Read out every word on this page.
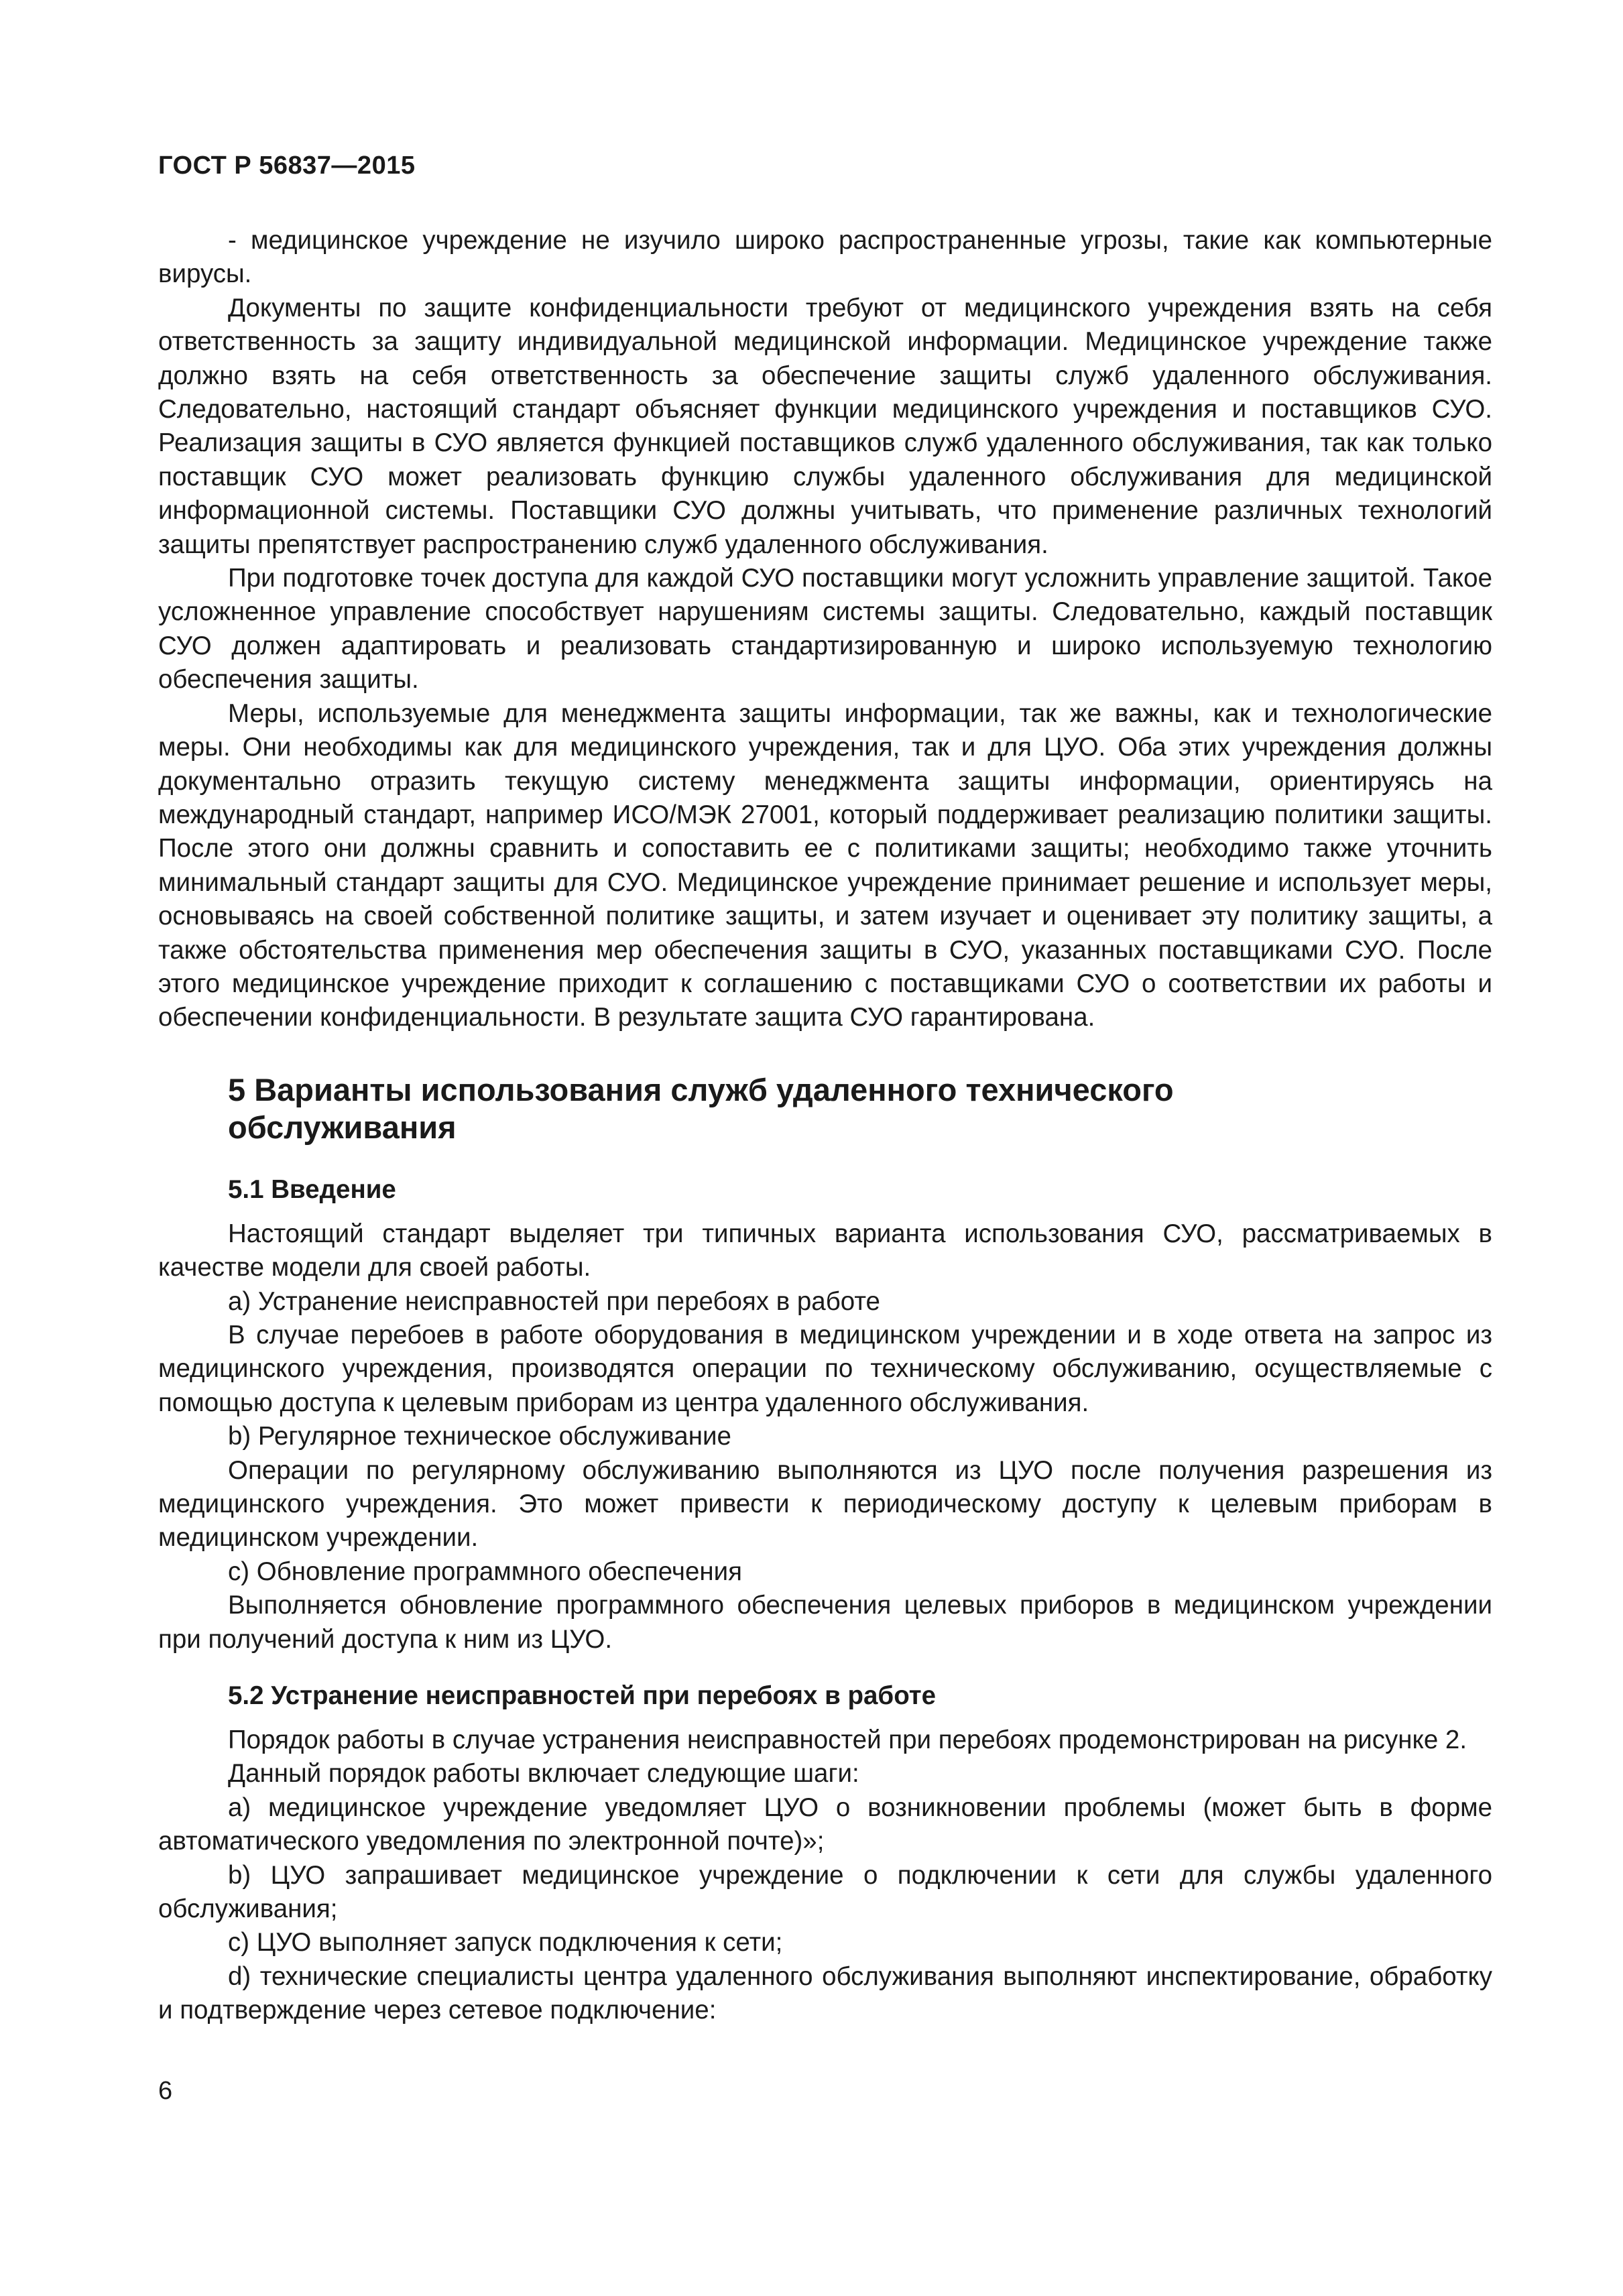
ГОСТ Р 56837—2015

- медицинское учреждение не изучило широко распространенные угрозы, такие как компьютерные вирусы.

Документы по защите конфиденциальности требуют от медицинского учреждения взять на себя ответственность за защиту индивидуальной медицинской информации. Медицинское учреждение также должно взять на себя ответственность за обеспечение защиты служб удаленного обслуживания. Следовательно, настоящий стандарт объясняет функции медицинского учреждения и поставщиков СУО. Реализация защиты в СУО является функцией поставщиков служб удаленного обслуживания, так как только поставщик СУО может реализовать функцию службы удаленного обслуживания для медицинской информационной системы. Поставщики СУО должны учитывать, что применение различных технологий защиты препятствует распространению служб удаленного обслуживания.

При подготовке точек доступа для каждой СУО поставщики могут усложнить управление защитой. Такое усложненное управление способствует нарушениям системы защиты. Следовательно, каждый поставщик СУО должен адаптировать и реализовать стандартизированную и широко используемую технологию обеспечения защиты.

Меры, используемые для менеджмента защиты информации, так же важны, как и технологические меры. Они необходимы как для медицинского учреждения, так и для ЦУО. Оба этих учреждения должны документально отразить текущую систему менеджмента защиты информации, ориентируясь на международный стандарт, например ИСО/МЭК 27001, который поддерживает реализацию политики защиты. После этого они должны сравнить и сопоставить ее с политиками защиты; необходимо также уточнить минимальный стандарт защиты для СУО. Медицинское учреждение принимает решение и использует меры, основываясь на своей собственной политике защиты, и затем изучает и оценивает эту политику защиты, а также обстоятельства применения мер обеспечения защиты в СУО, указанных поставщиками СУО. После этого медицинское учреждение приходит к соглашению с поставщиками СУО о соответствии их работы и обеспечении конфиденциальности. В результате защита СУО гарантирована.

5 Варианты использования служб удаленного технического
обслуживания
5.1 Введение

Настоящий стандарт выделяет три типичных варианта использования СУО, рассматриваемых в качестве модели для своей работы.

а) Устранение неисправностей при перебоях в работе

В случае перебоев в работе оборудования в медицинском учреждении и в ходе ответа на запрос из медицинского учреждения, производятся операции по техническому обслуживанию, осуществляемые с помощью доступа к целевым приборам из центра удаленного обслуживания.

b) Регулярное техническое обслуживание

Операции по регулярному обслуживанию выполняются из ЦУО после получения разрешения из медицинского учреждения. Это может привести к периодическому доступу к целевым приборам в медицинском учреждении.

с) Обновление программного обеспечения

Выполняется обновление программного обеспечения целевых приборов в медицинском учреждении при получений доступа к ним из ЦУО.

5.2 Устранение неисправностей при перебоях в работе

Порядок работы в случае устранения неисправностей при перебоях продемонстрирован на рисунке 2.

Данный порядок работы включает следующие шаги:

а) медицинское учреждение уведомляет ЦУО о возникновении проблемы (может быть в форме автоматического уведомления по электронной почте)»;

b) ЦУО запрашивает медицинское учреждение о подключении к сети для службы удаленного обслуживания;

с) ЦУО выполняет запуск подключения к сети;

d) технические специалисты центра удаленного обслуживания выполняют инспектирование, обработку и подтверждение через сетевое подключение:

6
